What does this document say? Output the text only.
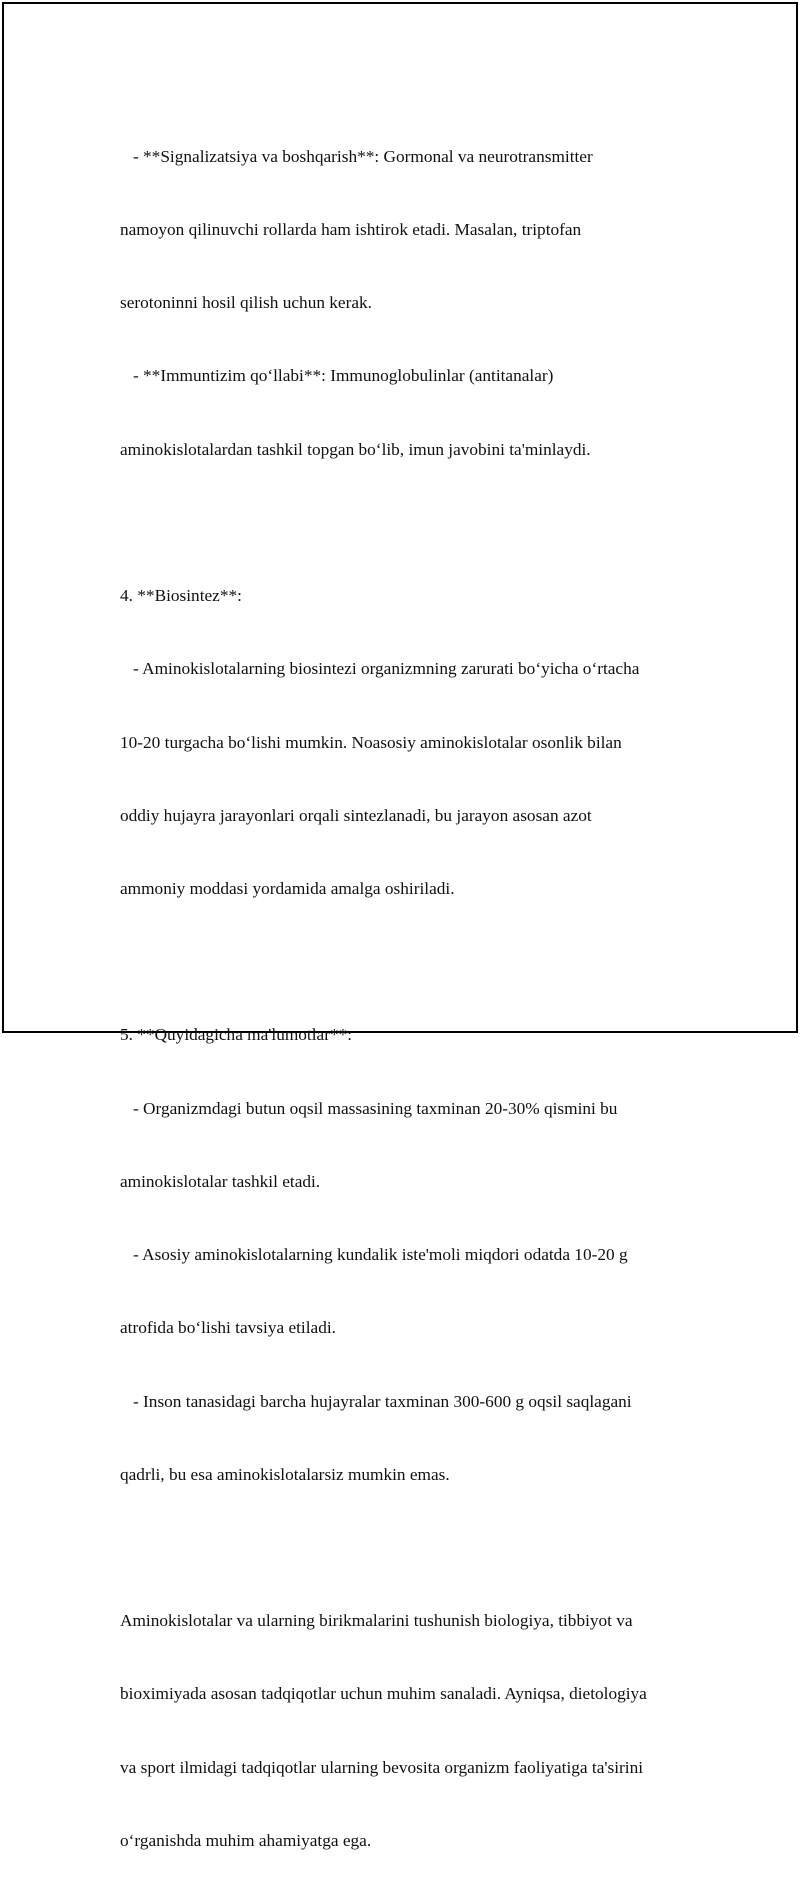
- **Signalizatsiya va boshqarish**: Gormonal va neurotransmitter

namoyon qilinuvchi rollarda ham ishtirok etadi. Masalan, triptofan

serotoninni hosil qilish uchun kerak.

- **Immuntizim qo‘llabi**: Immunoglobulinlar (antitanalar)

aminokislotalardan tashkil topgan bo‘lib, imun javobini ta'minlaydi.

4. **Biosintez**:

- Aminokislotalarning biosintezi organizmning zarurati bo‘yicha o‘rtacha

10-20 turgacha bo‘lishi mumkin. Noasosiy aminokislotalar osonlik bilan

oddiy hujayra jarayonlari orqali sintezlanadi, bu jarayon asosan azot

ammoniy moddasi yordamida amalga oshiriladi.

5. **Quyidagicha ma'lumotlar**:

- Organizmdagi butun oqsil massasining taxminan 20-30% qismini bu

aminokislotalar tashkil etadi.

- Asosiy aminokislotalarning kundalik iste'moli miqdori odatda 10-20 g

atrofida bo‘lishi tavsiya etiladi.

- Inson tanasidagi barcha hujayralar taxminan 300-600 g oqsil saqlagani

qadrli, bu esa aminokislotalarsiz mumkin emas.

Aminokislotalar va ularning birikmalarini tushunish biologiya, tibbiyot va

bioximiyada asosan tadqiqotlar uchun muhim sanaladi. Ayniqsa, dietologiya

va sport ilmidagi tadqiqotlar ularning bevosita organizm faoliyatiga ta'sirini

o‘rganishda muhim ahamiyatga ega.
